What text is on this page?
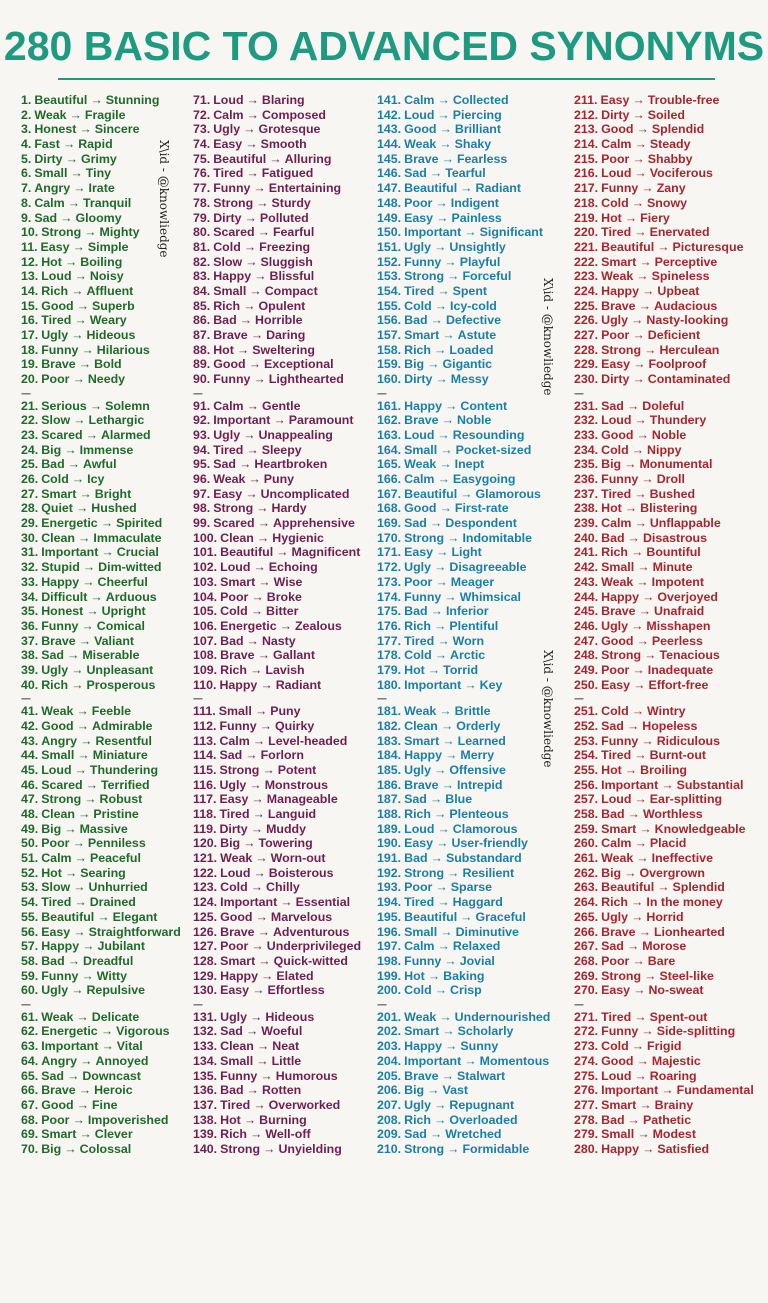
280 BASIC TO ADVANCED SYNONYMS
1. Beautiful → Stunning
2. Weak → Fragile
3. Honest → Sincere
4. Fast → Rapid
5. Dirty → Grimy
6. Small → Tiny
7. Angry → Irate
8. Calm → Tranquil
9. Sad → Gloomy
10. Strong → Mighty
11. Easy → Simple
12. Hot → Boiling
13. Loud → Noisy
14. Rich → Affluent
15. Good → Superb
16. Tired → Weary
17. Ugly → Hideous
18. Funny → Hilarious
19. Brave → Bold
20. Poor → Needy
---
21. Serious → Solemn
22. Slow → Lethargic
23. Scared → Alarmed
24. Big → Immense
25. Bad → Awful
26. Cold → Icy
27. Smart → Bright
28. Quiet → Hushed
29. Energetic → Spirited
30. Clean → Immaculate
31. Important → Crucial
32. Stupid → Dim-witted
33. Happy → Cheerful
34. Difficult → Arduous
35. Honest → Upright
36. Funny → Comical
37. Brave → Valiant
38. Sad → Miserable
39. Ugly → Unpleasant
40. Rich → Prosperous
---
41. Weak → Feeble
42. Good → Admirable
43. Angry → Resentful
44. Small → Miniature
45. Loud → Thundering
46. Scared → Terrified
47. Strong → Robust
48. Clean → Pristine
49. Big → Massive
50. Poor → Penniless
51. Calm → Peaceful
52. Hot → Searing
53. Slow → Unhurried
54. Tired → Drained
55. Beautiful → Elegant
56. Easy → Straightforward
57. Happy → Jubilant
58. Bad → Dreadful
59. Funny → Witty
60. Ugly → Repulsive
---
61. Weak → Delicate
62. Energetic → Vigorous
63. Important → Vital
64. Angry → Annoyed
65. Sad → Downcast
66. Brave → Heroic
67. Good → Fine
68. Poor → Impoverished
69. Smart → Clever
70. Big → Colossal
71. Loud → Blaring
72. Calm → Composed
73. Ugly → Grotesque
74. Easy → Smooth
75. Beautiful → Alluring
76. Tired → Fatigued
77. Funny → Entertaining
78. Strong → Sturdy
79. Dirty → Polluted
80. Scared → Fearful
81. Cold → Freezing
82. Slow → Sluggish
83. Happy → Blissful
84. Small → Compact
85. Rich → Opulent
86. Bad → Horrible
87. Brave → Daring
88. Hot → Sweltering
89. Good → Exceptional
90. Funny → Lighthearted
---
91. Calm → Gentle
92. Important → Paramount
93. Ugly → Unappealing
94. Tired → Sleepy
95. Sad → Heartbroken
96. Weak → Puny
97. Easy → Uncomplicated
98. Strong → Hardy
99. Scared → Apprehensive
100. Clean → Hygienic
101. Beautiful → Magnificent
102. Loud → Echoing
103. Smart → Wise
104. Poor → Broke
105. Cold → Bitter
106. Energetic → Zealous
107. Bad → Nasty
108. Brave → Gallant
109. Rich → Lavish
110. Happy → Radiant
---
111. Small → Puny
112. Funny → Quirky
113. Calm → Level-headed
114. Sad → Forlorn
115. Strong → Potent
116. Ugly → Monstrous
117. Easy → Manageable
118. Tired → Languid
119. Dirty → Muddy
120. Big → Towering
121. Weak → Worn-out
122. Loud → Boisterous
123. Cold → Chilly
124. Important → Essential
125. Good → Marvelous
126. Brave → Adventurous
127. Poor → Underprivileged
128. Smart → Quick-witted
129. Happy → Elated
130. Easy → Effortless
---
131. Ugly → Hideous
132. Sad → Woeful
133. Clean → Neat
134. Small → Little
135. Funny → Humorous
136. Bad → Rotten
137. Tired → Overworked
138. Hot → Burning
139. Rich → Well-off
140. Strong → Unyielding
141. Calm → Collected
142. Loud → Piercing
143. Good → Brilliant
144. Weak → Shaky
145. Brave → Fearless
146. Sad → Tearful
147. Beautiful → Radiant
148. Poor → Indigent
149. Easy → Painless
150. Important → Significant
151. Ugly → Unsightly
152. Funny → Playful
153. Strong → Forceful
154. Tired → Spent
155. Cold → Icy-cold
156. Bad → Defective
157. Smart → Astute
158. Rich → Loaded
159. Big → Gigantic
160. Dirty → Messy
---
161. Happy → Content
162. Brave → Noble
163. Loud → Resounding
164. Small → Pocket-sized
165. Weak → Inept
166. Calm → Easygoing
167. Beautiful → Glamorous
168. Good → First-rate
169. Sad → Despondent
170. Strong → Indomitable
171. Easy → Light
172. Ugly → Disagreeable
173. Poor → Meager
174. Funny → Whimsical
175. Bad → Inferior
176. Rich → Plentiful
177. Tired → Worn
178. Cold → Arctic
179. Hot → Torrid
180. Important → Key
---
181. Weak → Brittle
182. Clean → Orderly
183. Smart → Learned
184. Happy → Merry
185. Ugly → Offensive
186. Brave → Intrepid
187. Sad → Blue
188. Rich → Plenteous
189. Loud → Clamorous
190. Easy → User-friendly
191. Bad → Substandard
192. Strong → Resilient
193. Poor → Sparse
194. Tired → Haggard
195. Beautiful → Graceful
196. Small → Diminutive
197. Calm → Relaxed
198. Funny → Jovial
199. Hot → Baking
200. Cold → Crisp
---
201. Weak → Undernourished
202. Smart → Scholarly
203. Happy → Sunny
204. Important → Momentous
205. Brave → Stalwart
206. Big → Vast
207. Ugly → Repugnant
208. Rich → Overloaded
209. Sad → Wretched
210. Strong → Formidable
211. Easy → Trouble-free
212. Dirty → Soiled
213. Good → Splendid
214. Calm → Steady
215. Poor → Shabby
216. Loud → Vociferous
217. Funny → Zany
218. Cold → Snowy
219. Hot → Fiery
220. Tired → Enervated
221. Beautiful → Picturesque
222. Smart → Perceptive
223. Weak → Spineless
224. Happy → Upbeat
225. Brave → Audacious
226. Ugly → Nasty-looking
227. Poor → Deficient
228. Strong → Herculean
229. Easy → Foolproof
230. Dirty → Contaminated
---
231. Sad → Doleful
232. Loud → Thundery
233. Good → Noble
234. Cold → Nippy
235. Big → Monumental
236. Funny → Droll
237. Tired → Bushed
238. Hot → Blistering
239. Calm → Unflappable
240. Bad → Disastrous
241. Rich → Bountiful
242. Small → Minute
243. Weak → Impotent
244. Happy → Overjoyed
245. Brave → Unafraid
246. Ugly → Misshapen
247. Good → Peerless
248. Strong → Tenacious
249. Poor → Inadequate
250. Easy → Effort-free
---
251. Cold → Wintry
252. Sad → Hopeless
253. Funny → Ridiculous
254. Tired → Burnt-out
255. Hot → Broiling
256. Important → Substantial
257. Loud → Ear-splitting
258. Bad → Worthless
259. Smart → Knowledgeable
260. Calm → Placid
261. Weak → Ineffective
262. Big → Overgrown
263. Beautiful → Splendid
264. Rich → In the money
265. Ugly → Horrid
266. Brave → Lionhearted
267. Sad → Morose
268. Poor → Bare
269. Strong → Steel-like
270. Easy → No-sweat
---
271. Tired → Spent-out
272. Funny → Side-splitting
273. Cold → Frigid
274. Good → Majestic
275. Loud → Roaring
276. Important → Fundamental
277. Smart → Brainy
278. Bad → Pathetic
279. Small → Modest
280. Happy → Satisfied
X\id - @knowliedge
X\id - @knowliedge
X\id - @knowliedge
